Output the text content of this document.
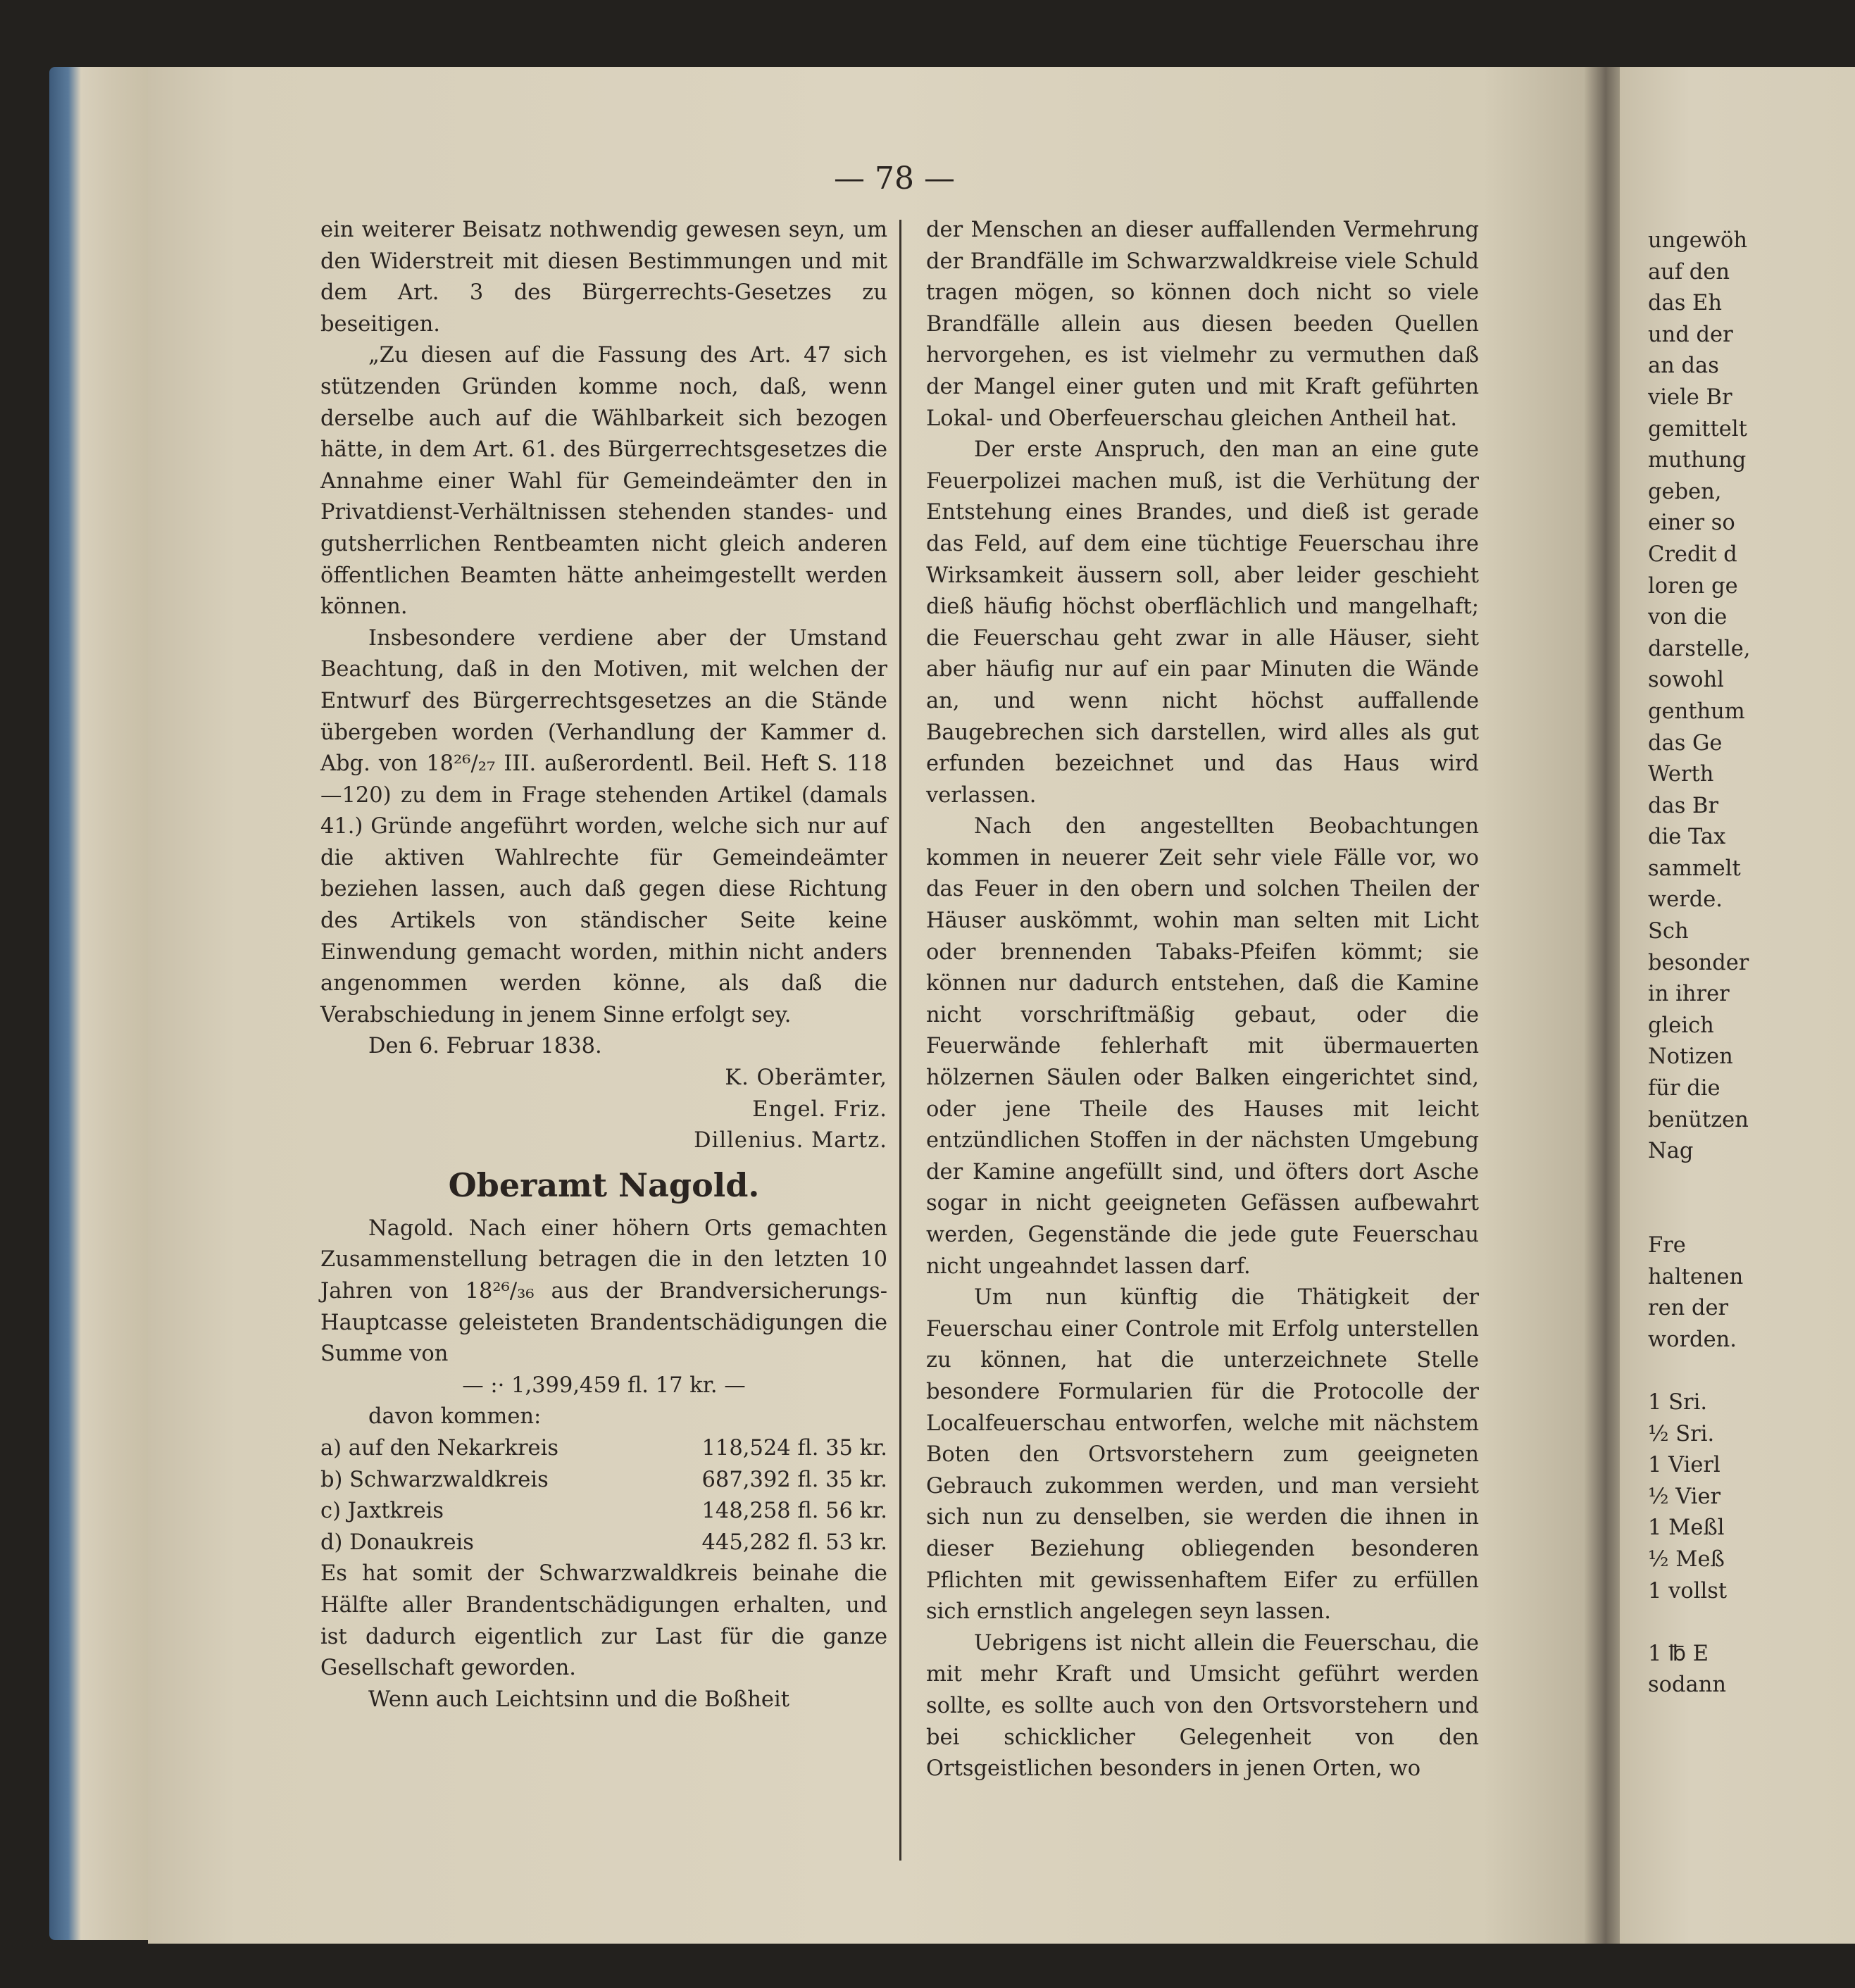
— 78 —

ein weiterer Beisatz nothwendig gewesen seyn, um den Widerstreit mit diesen Bestimmungen und mit dem Art. 3 des Bürgerrechts-Gesetzes zu beseitigen.

„Zu diesen auf die Fassung des Art. 47 sich stützenden Gründen komme noch, daß, wenn derselbe auch auf die Wählbarkeit sich bezogen hätte, in dem Art. 61. des Bürgerrechtsgesetzes die Annahme einer Wahl für Gemeindeämter den in Privatdienst-Verhältnissen stehenden standes- und gutsherrlichen Rentbeamten nicht gleich anderen öffentlichen Beamten hätte anheimgestellt werden können.

Insbesondere verdiene aber der Umstand Beachtung, daß in den Motiven, mit welchen der Entwurf des Bürgerrechtsgesetzes an die Stände übergeben worden (Verhandlung der Kammer d. Abg. von 18²⁶/₂₇ III. außerordentl. Beil. Heft S. 118—120) zu dem in Frage stehenden Artikel (damals 41.) Gründe angeführt worden, welche sich nur auf die aktiven Wahlrechte für Gemeindeämter beziehen lassen, auch daß gegen diese Richtung des Artikels von ständischer Seite keine Einwendung gemacht worden, mithin nicht anders angenommen werden könne, als daß die Verabschiedung in jenem Sinne erfolgt sey.

Den 6. Februar 1838.

K. Oberämter,

Engel. Friz.

Dillenius. Martz.

Oberamt Nagold.

Nagold. Nach einer höhern Orts gemachten Zusammenstellung betragen die in den letzten 10 Jahren von 18²⁶/₃₆ aus der Brandversicherungs-Hauptcasse geleisteten Brandentschädigungen die Summe von

— :· 1,399,459 fl. 17 kr. —

davon kommen:

a) auf den Nekarkreis	118,524 fl. 35 kr.
b) Schwarzwaldkreis	687,392 fl. 35 kr.
c) Jaxtkreis	148,258 fl. 56 kr.
d) Donaukreis	445,282 fl. 53 kr.

Es hat somit der Schwarzwaldkreis beinahe die Hälfte aller Brandentschädigungen erhalten, und ist dadurch eigentlich zur Last für die ganze Gesellschaft geworden.

Wenn auch Leichtsinn und die Boßheit

der Menschen an dieser auffallenden Vermehrung der Brandfälle im Schwarzwaldkreise viele Schuld tragen mögen, so können doch nicht so viele Brandfälle allein aus diesen beeden Quellen hervorgehen, es ist vielmehr zu vermuthen daß der Mangel einer guten und mit Kraft geführten Lokal- und Oberfeuerschau gleichen Antheil hat.

Der erste Anspruch, den man an eine gute Feuerpolizei machen muß, ist die Verhütung der Entstehung eines Brandes, und dieß ist gerade das Feld, auf dem eine tüchtige Feuerschau ihre Wirksamkeit äussern soll, aber leider geschieht dieß häufig höchst oberflächlich und mangelhaft; die Feuerschau geht zwar in alle Häuser, sieht aber häufig nur auf ein paar Minuten die Wände an, und wenn nicht höchst auffallende Baugebrechen sich darstellen, wird alles als gut erfunden bezeichnet und das Haus wird verlassen.

Nach den angestellten Beobachtungen kommen in neuerer Zeit sehr viele Fälle vor, wo das Feuer in den obern und solchen Theilen der Häuser auskömmt, wohin man selten mit Licht oder brennenden Tabaks-Pfeifen kömmt; sie können nur dadurch entstehen, daß die Kamine nicht vorschriftmäßig gebaut, oder die Feuerwände fehlerhaft mit übermauerten hölzernen Säulen oder Balken eingerichtet sind, oder jene Theile des Hauses mit leicht entzündlichen Stoffen in der nächsten Umgebung der Kamine angefüllt sind, und öfters dort Asche sogar in nicht geeigneten Gefässen aufbewahrt werden, Gegenstände die jede gute Feuerschau nicht ungeahndet lassen darf.

Um nun künftig die Thätigkeit der Feuerschau einer Controle mit Erfolg unterstellen zu können, hat die unterzeichnete Stelle besondere Formularien für die Protocolle der Localfeuerschau entworfen, welche mit nächstem Boten den Ortsvorstehern zum geeigneten Gebrauch zukommen werden, und man versieht sich nun zu denselben, sie werden die ihnen in dieser Beziehung obliegenden besonderen Pflichten mit gewissenhaftem Eifer zu erfüllen sich ernstlich angelegen seyn lassen.

Uebrigens ist nicht allein die Feuerschau, die mit mehr Kraft und Umsicht geführt werden sollte, es sollte auch von den Ortsvorstehern und bei schicklicher Gelegenheit von den Ortsgeistlichen besonders in jenen Orten, wo

ungewöh
auf den
das Eh
und der
an das
viele Br
gemittelt
muthung
geben,
einer so
Credit d
loren ge
von die
darstelle,
sowohl
genthum
das Ge
Werth
das Br
die Tax
sammelt
werde.
Sch
besonder
in ihrer
gleich
Notizen
für die
benützen
Nag

Fre
haltenen
ren der
worden.

1 Sri.
½ Sri.
1 Vierl
½ Vier
1 Meßl
½ Meß
1 vollst

1 ℔ E
sodann
